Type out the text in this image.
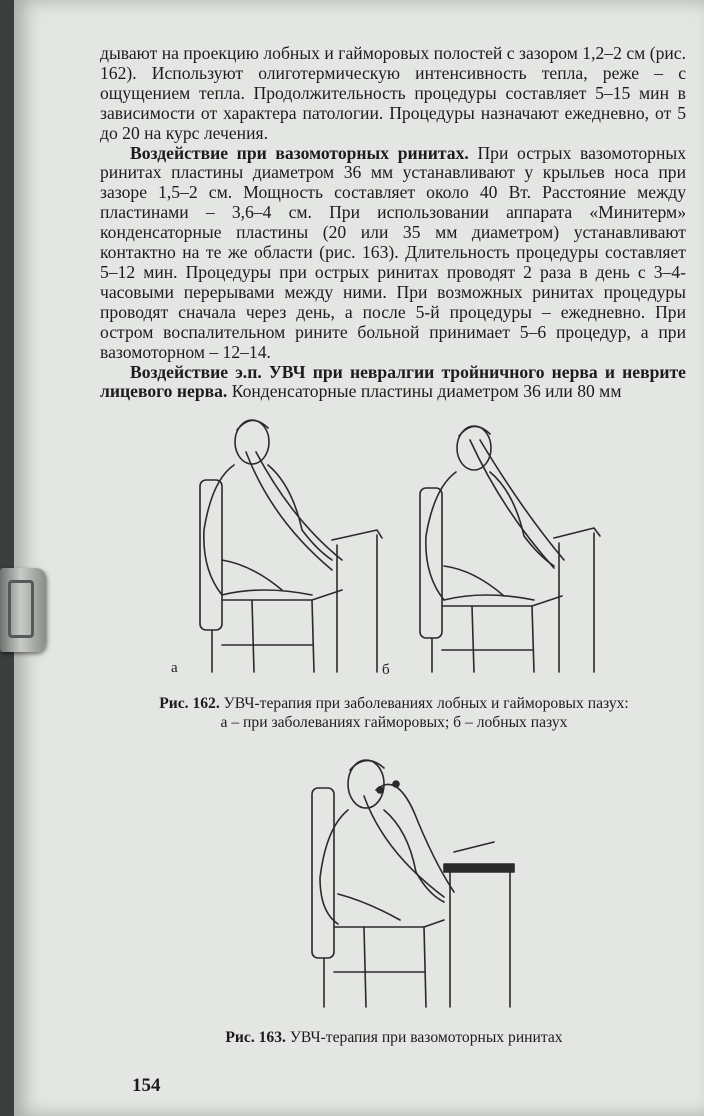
дывают на проекцию лобных и гайморовых полостей с зазором 1,2–2 см (рис. 162). Используют олиготермическую интенсивность тепла, реже – с ощущением тепла. Продолжительность процедуры составляет 5–15 мин в зависимости от характера патологии. Процедуры назначают ежедневно, от 5 до 20 на курс лечения.

Воздействие при вазомоторных ринитах. При острых вазомоторных ринитах пластины диаметром 36 мм устанавливают у крыльев носа при зазоре 1,5–2 см. Мощность составляет около 40 Вт. Расстояние между пластинами – 3,6–4 см. При использовании аппарата «Минитерм» конденсаторные пластины (20 или 35 мм диаметром) устанавливают контактно на те же области (рис. 163). Длительность процедуры составляет 5–12 мин. Процедуры при острых ринитах проводят 2 раза в день с 3–4-часовыми перерывами между ними. При возможных ринитах процедуры проводят сначала через день, а после 5-й процедуры – ежедневно. При остром воспалительном рините больной принимает 5–6 процедур, а при вазомоторном – 12–14.

Воздействие э.п. УВЧ при невралгии тройничного нерва и неврите лицевого нерва. Конденсаторные пластины диаметром 36 или 80 мм

а	б
Рис. 162. УВЧ-терапия при заболеваниях лобных и гайморовых пазух:
а – при заболеваниях гайморовых; б – лобных пазух
Рис. 163. УВЧ-терапия при вазомоторных ринитах
154
